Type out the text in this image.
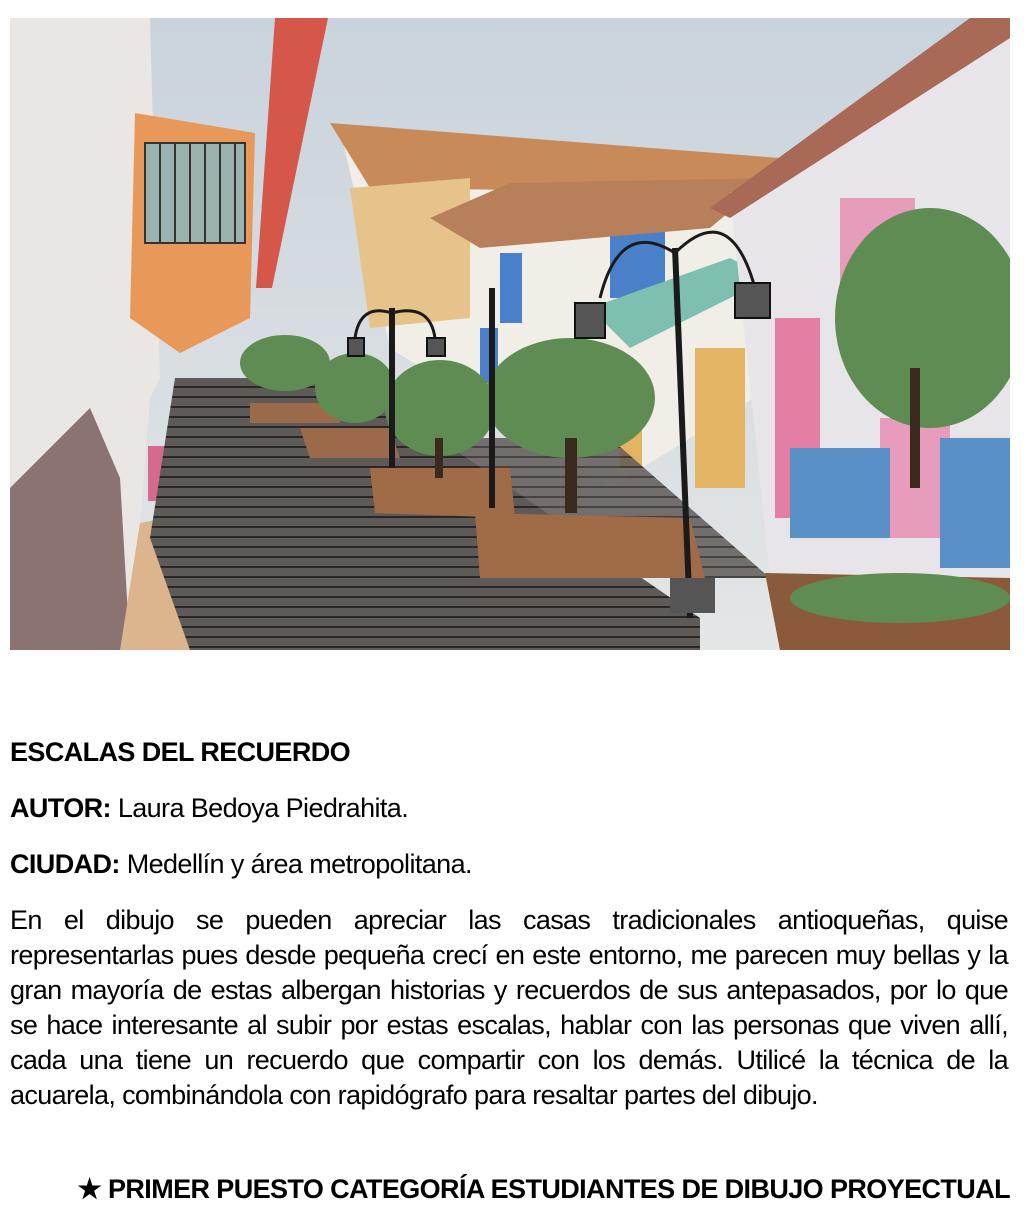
ESCALAS DEL RECUERDO

AUTOR: Laura Bedoya Piedrahita.

CIUDAD: Medellín y área metropolitana.

En el dibujo se pueden apreciar las casas tradicionales antioqueñas, quise representarlas pues desde pequeña crecí en este entorno, me parecen muy bellas y la gran mayoría de estas albergan historias y recuerdos de sus antepasados, por lo que se hace interesante al subir por estas escalas, hablar con las personas que viven allí, cada una tiene un recuerdo que compartir con los demás. Utilicé la técnica de la acuarela, combinándola con rapidógrafo para resaltar partes del dibujo.

★ PRIMER PUESTO CATEGORÍA ESTUDIANTES DE DIBUJO PROYECTUAL
